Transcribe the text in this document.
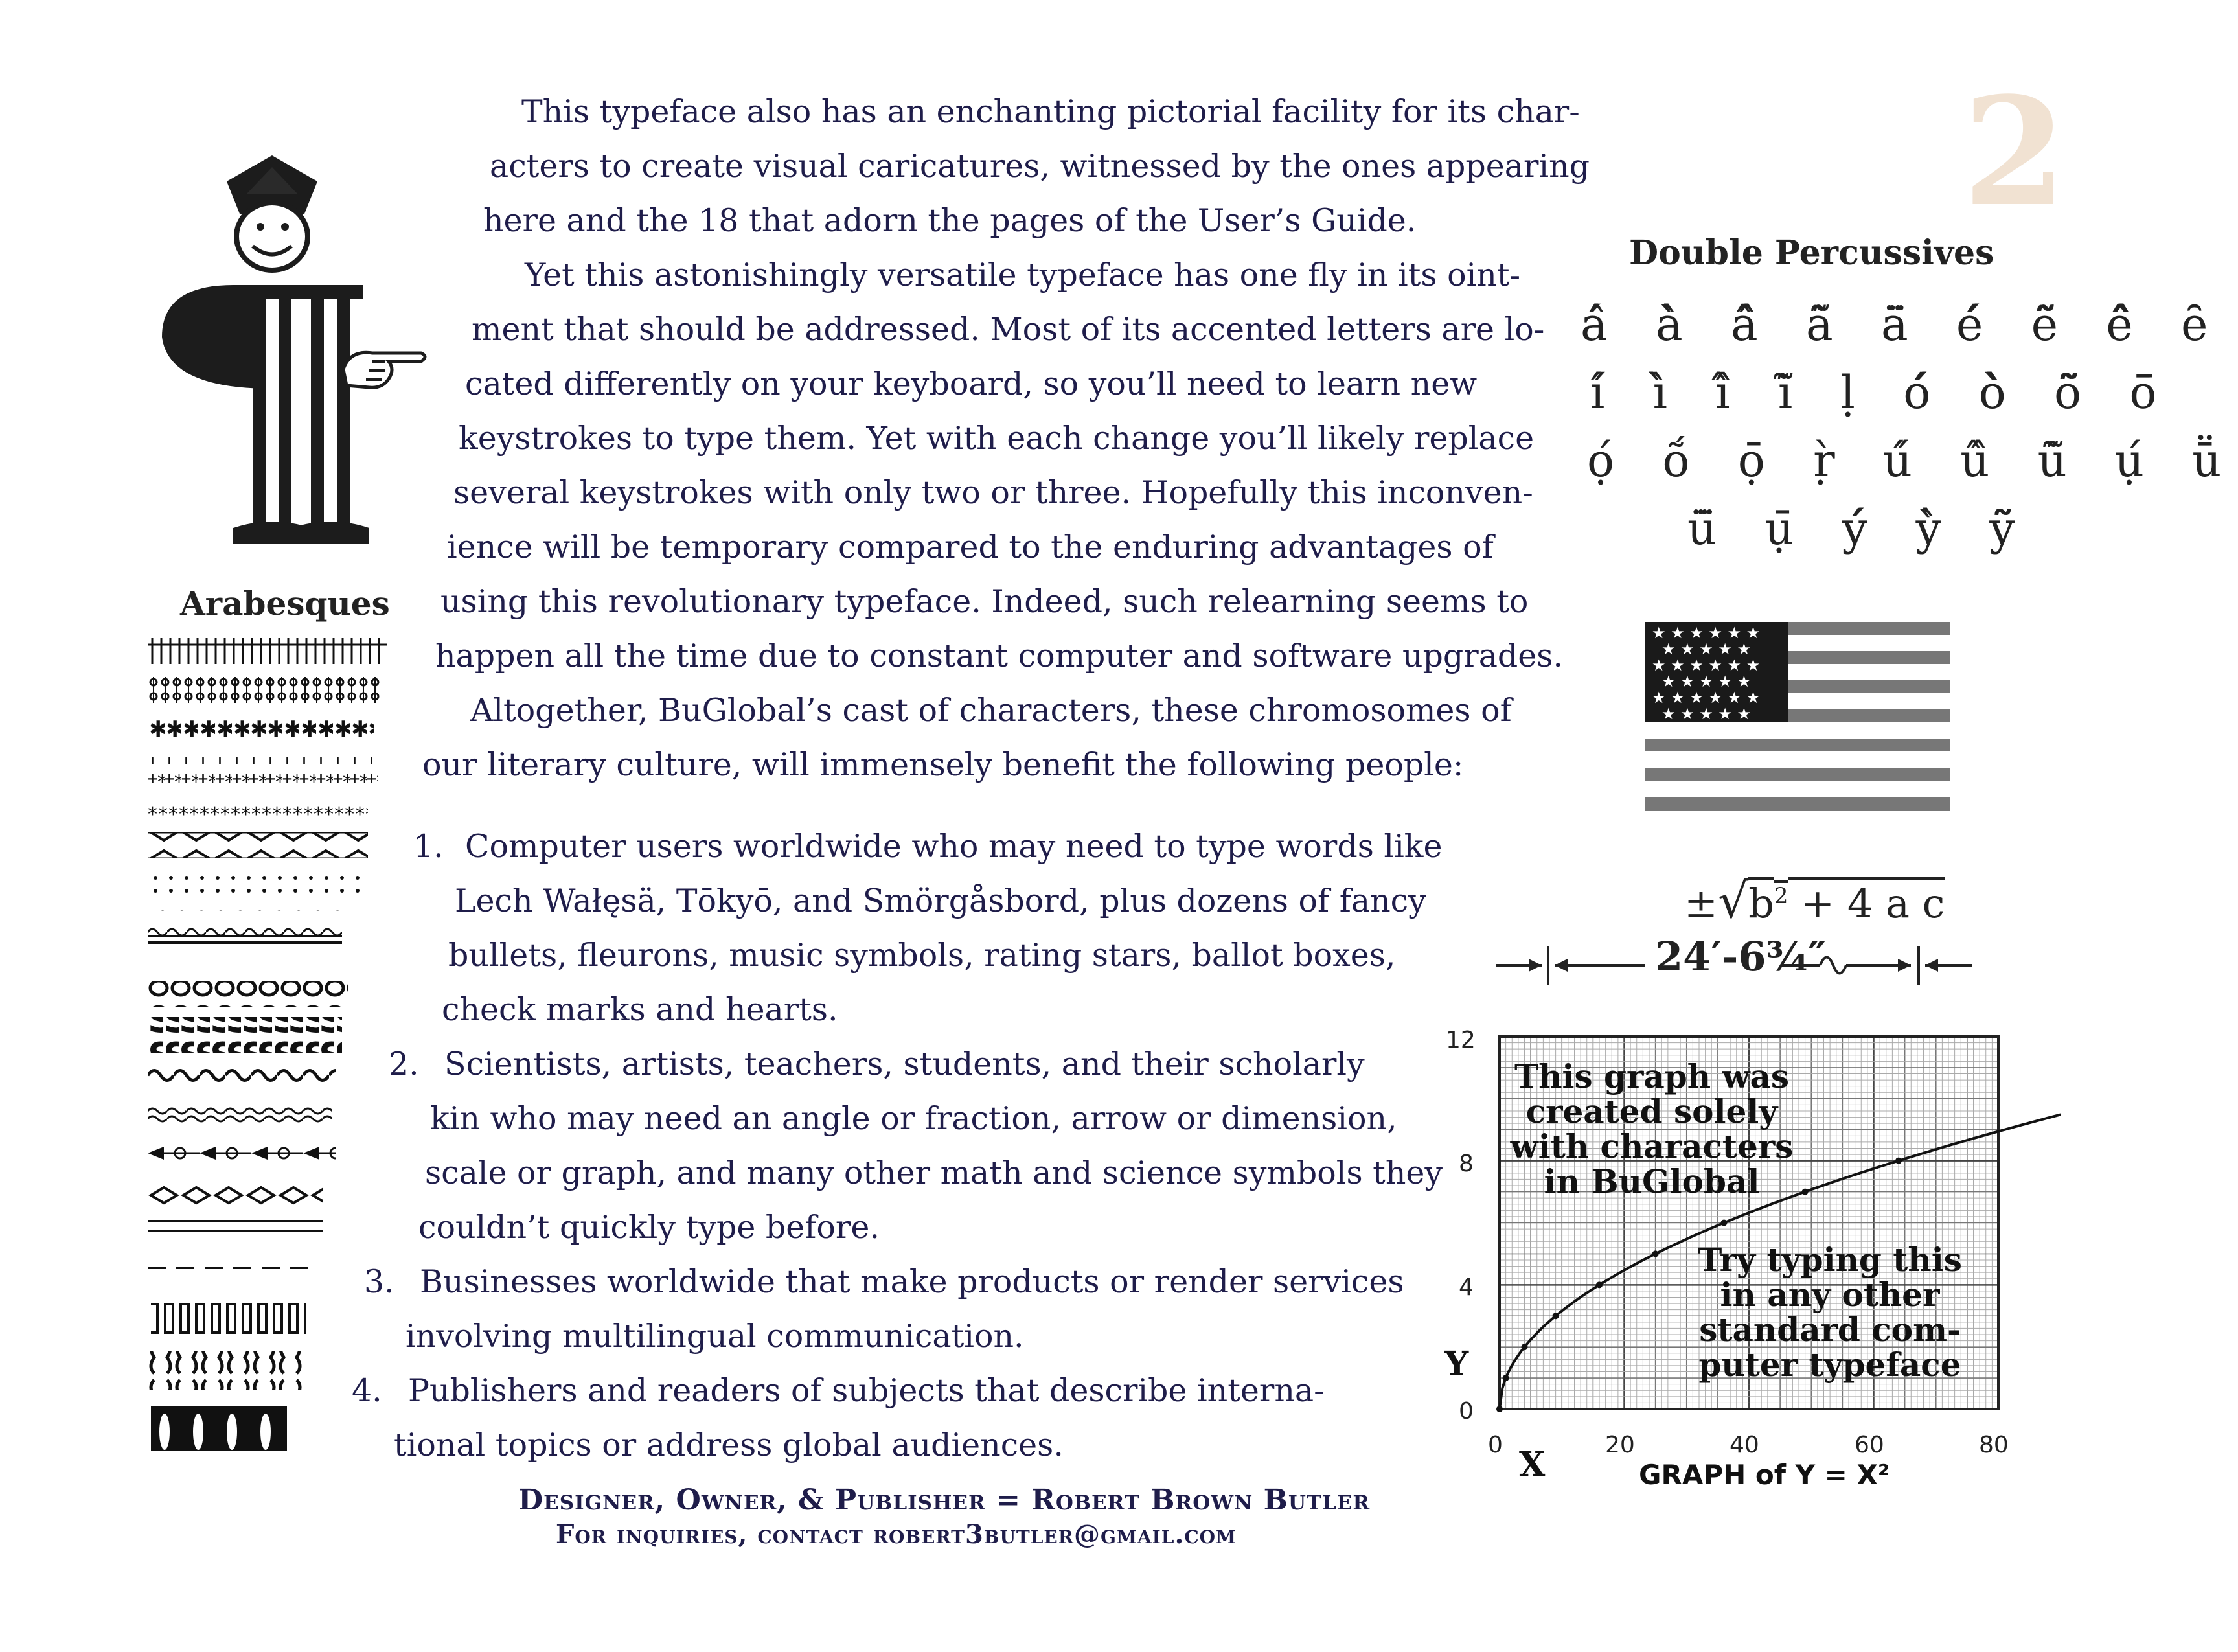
2
Arabesques
This typeface also has an enchanting pictorial facility for its char-
acters to create visual caricatures, witnessed by the ones appearing
here and the 18 that adorn the pages of the User’s Guide.
Yet this astonishingly versatile typeface has one fly in its oint-
ment that should be addressed. Most of its accented letters are lo-
cated differently on your keyboard, so you’ll need to learn new
keystrokes to type them. Yet with each change you’ll likely replace
several keystrokes with only two or three. Hopefully this inconven-
ience will be temporary compared to the enduring advantages of
using this revolutionary typeface. Indeed, such relearning seems to
happen all the time due to constant computer and software upgrades.
Altogether, BuGlobal’s cast of characters, these chromosomes of
our literary culture, will immensely benefit the following people:
1. Computer users worldwide who may need to type words like
Lech Wałęsä, Tōkyō, and Smörgåsbord, plus dozens of fancy
bullets, fleurons, music symbols, rating stars, ballot boxes,
check marks and hearts.
2. Scientists, artists, teachers, students, and their scholarly
kin who may need an angle or fraction, arrow or dimension,
scale or graph, and many other math and science symbols they
couldn’t quickly type before.
3. Businesses worldwide that make products or render services
involving multilingual communication.
4. Publishers and readers of subjects that describe interna-
tional topics or address global audiences.
Designer, Owner, & Publisher = Robert Brown Butler
For inquiries, contact robert3butler@gmail.com
Double Percussives
á̂ à̀ â̂ ã̃ ä̈ é́ ẽ̃ ê̂ ȇ
í́ ì̀ î̂ ĩ̃ ḷ ó́ ò̀ õ̃ ō̄
ọ́ ṍ ọ̄ ṛ̀ ú́ û̂ ũ̃ ụ́ ṻ
ü̈ ụ̄ ý́ ỳ̀ ỹ̃
★ ★ ★ ★ ★ ★
★ ★ ★ ★ ★
★ ★ ★ ★ ★ ★
★ ★ ★ ★ ★
★ ★ ★ ★ ★ ★
★ ★ ★ ★ ★
$\pm√b^2 + 4$ a c
24′-6¾″
12
8
4
0
0	20	40	60	80
Y
X	GRAPH of Y = X²
This graph was
created solely
with characters
in BuGlobal
Try typing this
in any other
standard com-
puter typeface
